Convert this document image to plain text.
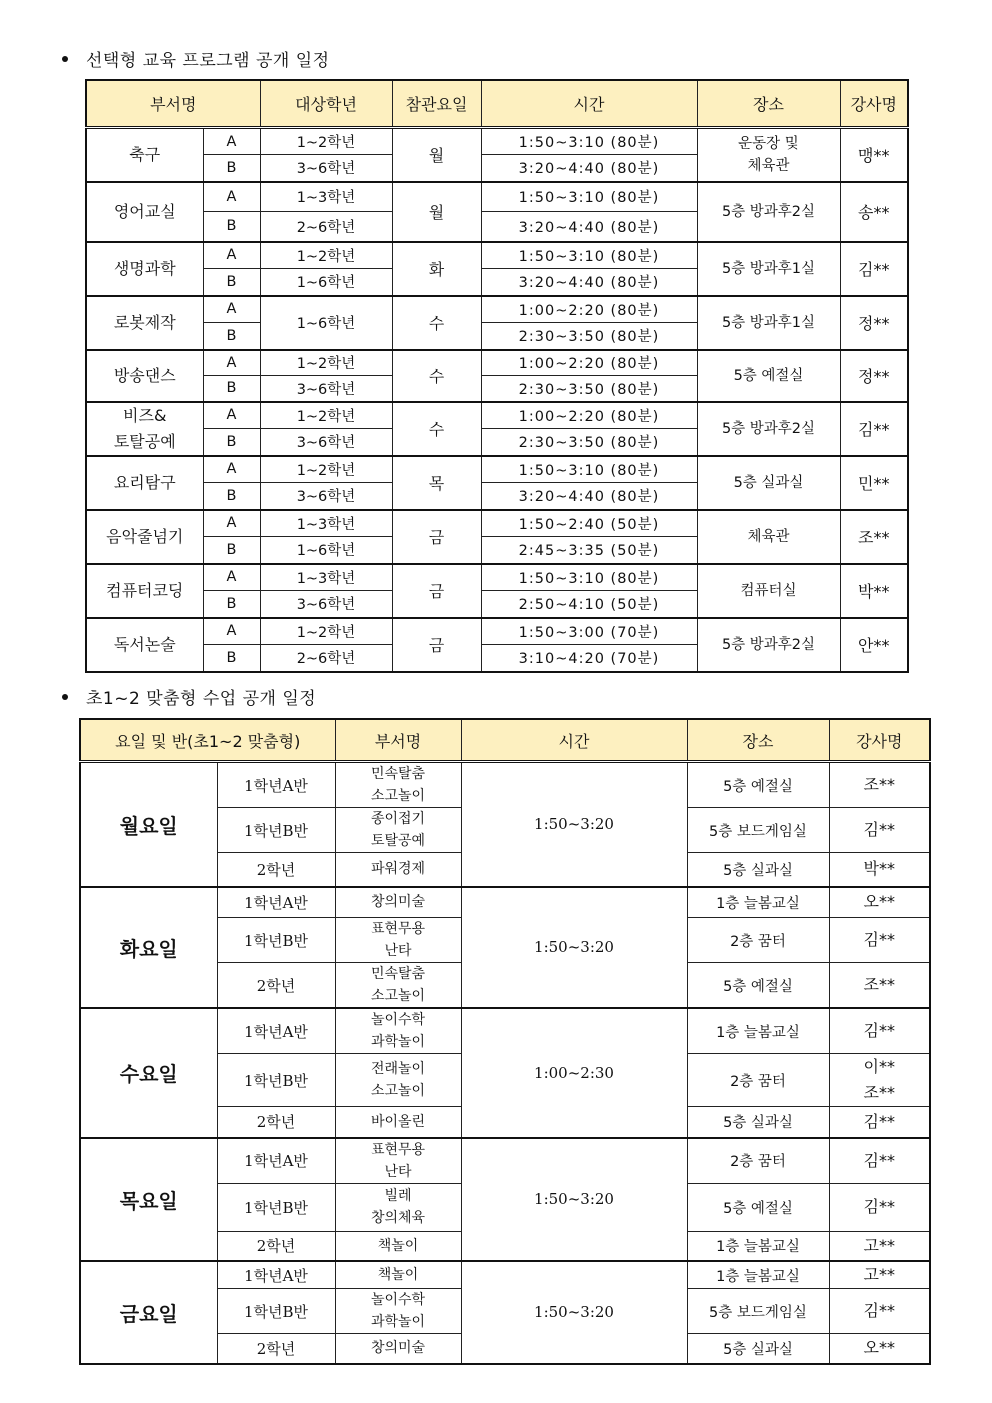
선택형 교육 프로그램 공개 일정
부서명		대상학년	참관요일	시간	장소	강사명

축구	A	1~2학년	월	1:50~3:10 (80분)	운동장 및
체육관	맹**
	B	3~6학년		3:20~4:40 (80분)		

영어교실	A	1~3학년	월	1:50~3:10 (80분)	5층 방과후2실	송**
	B	2~6학년		3:20~4:40 (80분)		

생명과학	A	1~2학년	화	1:50~3:10 (80분)	5층 방과후1실	김**
	B	1~6학년		3:20~4:40 (80분)		

로봇제작	A	1~6학년	수	1:00~2:20 (80분)	5층 방과후1실	정**
	B			2:30~3:50 (80분)		

방송댄스	A	1~2학년	수	1:00~2:20 (80분)	5층 예절실	정**
	B	3~6학년		2:30~3:50 (80분)		

비즈&
토탈공예	A	1~2학년	수	1:00~2:20 (80분)	5층 방과후2실	김**
	B	3~6학년		2:30~3:50 (80분)		

요리탐구	A	1~2학년	목	1:50~3:10 (80분)	5층 실과실	민**
	B	3~6학년		3:20~4:40 (80분)		

음악줄넘기	A	1~3학년	금	1:50~2:40 (50분)	체육관	조**
	B	1~6학년		2:45~3:35 (50분)		

컴퓨터코딩	A	1~3학년	금	1:50~3:10 (80분)	컴퓨터실	박**
	B	3~6학년		2:50~4:10 (50분)		

독서논술	A	1~2학년	금	1:50~3:00 (70분)	5층 방과후2실	안**
	B	2~6학년		3:10~4:20 (70분)		
초1~2 맞춤형 수업 공개 일정
요일 및 반(초1~2 맞춤형)		부서명	시간	장소	강사명
월요일	1학년A반	민속탈춤
소고놀이	1:50~3:20	5층 예절실	조**

	1학년B반	종이접기
토탈공예		5층 보드게임실	김**

	2학년	파워경제		5층 실과실	박**

화요일	1학년A반	창의미술	1:50~3:20	1층 늘봄교실	오**

	1학년B반	표현무용
난타		2층 꿈터	김**

	2학년	민속탈춤
소고놀이		5층 예절실	조**

수요일	1학년A반	놀이수학
과학놀이	1:00~2:30	1층 늘봄교실	김**

	1학년B반	전래놀이
소고놀이		2층 꿈터	이**
조**

	2학년	바이올린		5층 실과실	김**

목요일	1학년A반	표현무용
난타	1:50~3:20	2층 꿈터	김**

	1학년B반	빌레
창의체육		5층 예절실	김**

	2학년	책놀이		1층 늘봄교실	고**

금요일	1학년A반	책놀이	1:50~3:20	1층 늘봄교실	고**

	1학년B반	놀이수학
과학놀이		5층 보드게임실	김**

	2학년	창의미술		5층 실과실	오**
